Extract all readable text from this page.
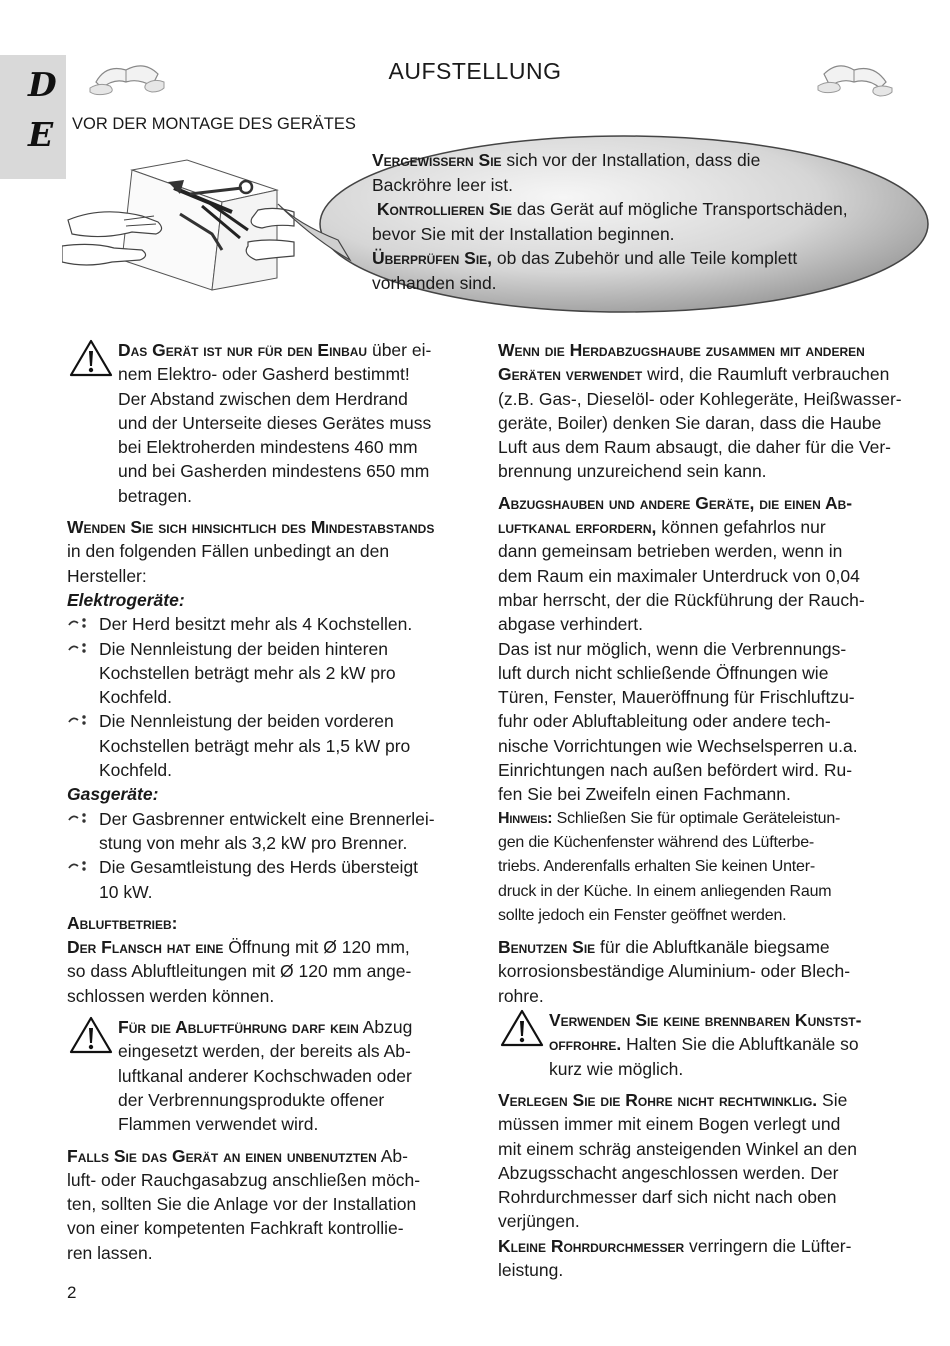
D
E
AUFSTELLUNG
VOR DER MONTAGE DES GERÄTES
Vergewissern Sie sich vor der Installation, dass die
Backröhre leer ist.
Kontrollieren Sie das Gerät auf mögliche Transportschäden,
bevor Sie mit der Installation beginnen.
Überprüfen Sie, ob das Zubehör und alle Teile komplett
vorhanden sind.
Das Gerät ist nur für den Einbau über ei-
nem Elektro- oder Gasherd bestimmt!
Der Abstand zwischen dem Herdrand
und der Unterseite dieses Gerätes muss
bei Elektroherden mindestens 460 mm
und bei Gasherden mindestens 650 mm
betragen.
Wenden Sie sich hinsichtlich des Mindestabstands
in den folgenden Fällen unbedingt an den
Hersteller:
Elektrogeräte:
Der Herd besitzt mehr als 4 Kochstellen.
Die Nennleistung der beiden hinteren
Kochstellen beträgt mehr als 2 kW pro
Kochfeld.
Die Nennleistung der beiden vorderen
Kochstellen beträgt mehr als 1,5 kW pro
Kochfeld.
Gasgeräte:
Der Gasbrenner entwickelt eine Brennerlei-
stung von mehr als 3,2 kW pro Brenner.
Die Gesamtleistung des Herds übersteigt
10 kW.
Abluftbetrieb:
Der Flansch hat eine Öffnung mit Ø 120 mm,
so dass Abluftleitungen mit Ø 120 mm ange-
schlossen werden können.
Für die Abluftführung darf kein Abzug
eingesetzt werden, der bereits als Ab-
luftkanal anderer Kochschwaden oder
der Verbrennungsprodukte offener
Flammen verwendet wird.
Falls Sie das Gerät an einen unbenutzten Ab-
luft- oder Rauchgasabzug anschließen möch-
ten, sollten Sie die Anlage vor der Installation
von einer kompetenten Fachkraft kontrollie-
ren lassen.
Wenn die Herdabzugshaube zusammen mit anderen
Geräten verwendet wird, die Raumluft verbrauchen
(z.B. Gas-, Dieselöl- oder Kohlegeräte, Heißwasser-
geräte, Boiler) denken Sie daran, dass die Haube
Luft aus dem Raum absaugt, die daher für die Ver-
brennung unzureichend sein kann.
Abzugshauben und andere Geräte, die einen Ab-
luftkanal erfordern, können gefahrlos nur
dann gemeinsam betrieben werden, wenn in
dem Raum ein maximaler Unterdruck von 0,04
mbar herrscht, der die Rückführung der Rauch-
abgase verhindert.
Das ist nur möglich, wenn die Verbrennungs-
luft durch nicht schließende Öffnungen wie
Türen, Fenster, Maueröffnung für Frischluftzu-
fuhr oder Abluftableitung oder andere tech-
nische Vorrichtungen wie Wechselsperren u.a.
Einrichtungen nach außen befördert wird. Ru-
fen Sie bei Zweifeln einen Fachmann.
Hinweis: Schließen Sie für optimale Geräteleistun-
gen die Küchenfenster während des Lüfterbe-
triebs. Anderenfalls erhalten Sie keinen Unter-
druck in der Küche. In einem anliegenden Raum
sollte jedoch ein Fenster geöffnet werden.
Benutzen Sie für die Abluftkanäle biegsame
korrosionsbeständige Aluminium- oder Blech-
rohre.
Verwenden Sie keine brennbaren Kunstst-
offrohre. Halten Sie die Abluftkanäle so
kurz wie möglich.
Verlegen Sie die Rohre nicht rechtwinklig. Sie
müssen immer mit einem Bogen verlegt und
mit einem schräg ansteigenden Winkel an den
Abzugsschacht angeschlossen werden. Der
Rohrdurchmesser darf sich nicht nach oben
verjüngen.
Kleine Rohrdurchmesser verringern die Lüfter-
leistung.
2
